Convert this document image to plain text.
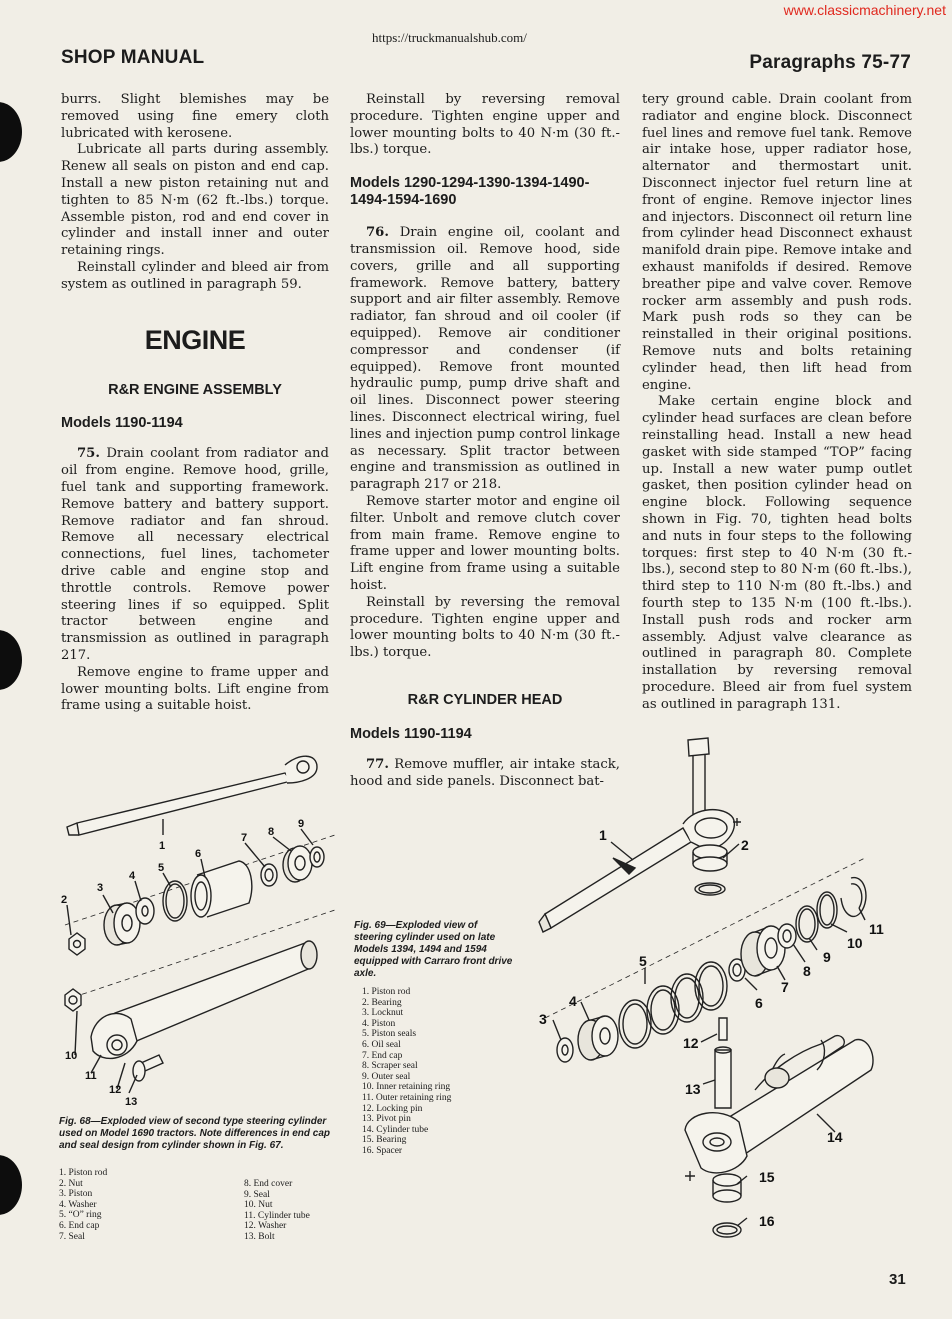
www.classicmachinery.net
https://truckmanualshub.com/
SHOP MANUAL	Paragraphs 75-77

burrs. Slight blemishes may be removed using fine emery cloth lubricated with kerosene.

Lubricate all parts during assembly. Renew all seals on piston and end cap. Install a new piston retaining nut and tighten to 85 N·m (62 ft.-lbs.) torque. Assemble piston, rod and end cover in cylinder and install inner and outer retaining rings.

Reinstall cylinder and bleed air from system as outlined in paragraph 59.

ENGINE
R&R ENGINE ASSEMBLY
Models 1190-1194

75. Drain coolant from radiator and oil from engine. Remove hood, grille, fuel tank and supporting framework. Remove battery and battery support. Remove radiator and fan shroud. Remove all necessary electrical connections, fuel lines, tachometer drive cable and engine stop and throttle controls. Remove power steering lines if so equipped. Split tractor between engine and transmission as outlined in paragraph 217.

Remove engine to frame upper and lower mounting bolts. Lift engine from frame using a suitable hoist.

Reinstall by reversing removal procedure. Tighten engine upper and lower mounting bolts to 40 N·m (30 ft.-lbs.) torque.

Models 1290-1294-1390-1394-1490-1494-1594-1690

76. Drain engine oil, coolant and transmission oil. Remove hood, side covers, grille and all supporting framework. Remove battery, battery support and air filter assembly. Remove radiator, fan shroud and oil cooler (if equipped). Remove air conditioner compressor and condenser (if equipped). Remove front mounted hydraulic pump, pump drive shaft and oil lines. Disconnect power steering lines. Disconnect electrical wiring, fuel lines and injection pump control linkage as necessary. Split tractor between engine and transmission as outlined in paragraph 217 or 218.

Remove starter motor and engine oil filter. Unbolt and remove clutch cover from main frame. Remove engine to frame upper and lower mounting bolts. Lift engine from frame using a suitable hoist.

Reinstall by reversing the removal procedure. Tighten engine upper and lower mounting bolts to 40 N·m (30 ft.-lbs.) torque.

R&R CYLINDER HEAD
Models 1190-1194

77. Remove muffler, air intake stack, hood and side panels. Disconnect bat-

tery ground cable. Drain coolant from radiator and engine block. Disconnect fuel lines and remove fuel tank. Remove air intake hose, upper radiator hose, alternator and thermostart unit. Disconnect injector fuel return line at front of engine. Remove injector lines and injectors. Disconnect oil return line from cylinder head Disconnect exhaust manifold drain pipe. Remove intake and exhaust manifolds if desired. Remove breather pipe and valve cover. Remove rocker arm assembly and push rods. Mark push rods so they can be reinstalled in their original positions. Remove nuts and bolts retaining cylinder head, then lift head from engine.

Make certain engine block and cylinder head surfaces are clean before reinstalling head. Install a new head gasket with side stamped “TOP” facing up. Install a new water pump outlet gasket, then position cylinder head on engine block. Following sequence shown in Fig. 70, tighten head bolts and nuts in four steps to the following torques: first step to 40 N·m (30 ft.-lbs.), second step to 80 N·m (60 ft.-lbs.), third step to 110 N·m (80 ft.-lbs.) and fourth step to 135 N·m (100 ft.-lbs.). Install push rods and rocker arm assembly. Adjust valve clearance as outlined in paragraph 80. Complete installation by reversing removal procedure. Bleed air from fuel system as outlined in paragraph 131.

1
2
3
4
5
6
7 8
9
10
11
12
13
Fig. 68—Exploded view of second type steering cylinder used on Model 1690 tractors. Note differences in end cap and seal design from cylinder shown in Fig. 67.
1. Piston rod
2. Nut
3. Piston
4. Washer
5. “O” ring
6. End cap
7. Seal
8. End cover
9. Seal
10. Nut
11. Cylinder tube
12. Washer
13. Bolt
Fig. 69—Exploded view of steering cylinder used on late Models 1394, 1494 and 1594 equipped with Carraro front drive axle.
1. Piston rod
2. Bearing
3. Locknut
4. Piston
5. Piston seals
6. Oil seal
7. End cap
8. Scraper seal
9. Outer seal
10. Inner retaining ring
11. Outer retaining ring
12. Locking pin
13. Pivot pin
14. Cylinder tube
15. Bearing
16. Spacer
1
2
3
4
5
6
7
8
9
10
11
12
13
14
15
16
31
